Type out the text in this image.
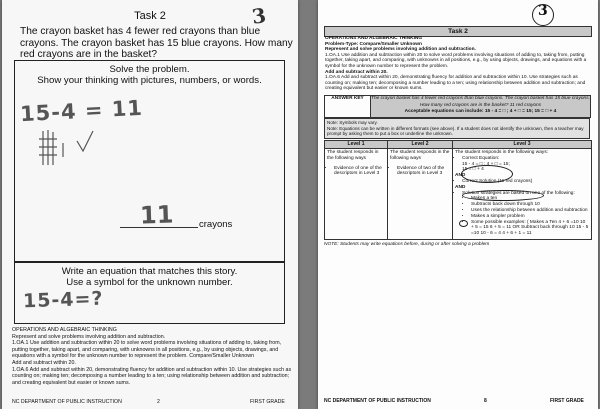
Task 2	3
The crayon basket has 4 fewer red crayons than blue crayons. The crayon basket has 15 blue crayons. How many red crayons are in the basket?
Solve the problem.
Show your thinking with pictures, numbers, or words.
15-4 = 11
11	crayons
Write an equation that matches this story.
Use a symbol for the unknown number.
15-4=?
OPERATIONS AND ALGEBRAIC THINKING
Represent and solve problems involving addition and subtraction.
1.OA.1 Use addition and subtraction within 20 to solve word problems involving situations of adding to, taking from, putting together, taking apart, and comparing, with unknowns in all positions, e.g., by using objects, drawings, and equations with a symbol for the unknown number to represent the problem. Compare/Smaller Unknown
Add and subtract within 20.
1.OA.6 Add and subtract within 20, demonstrating fluency for addition and subtraction within 10. Use strategies such as counting on; making ten; decomposing a number leading to a ten; using relationship between addition and subtraction; and creating equivalent but easier or known sums.
NC DEPARTMENT OF PUBLIC INSTRUCTION	2	FIRST GRADE
3
Task 2
OPERATIONS AND ALGEBRAIC THINKING
Problem-Type: Compare/Smaller Unknown
Represent and solve problems involving addition and subtraction.
1.OA.1 Use addition and subtraction within 20 to solve word problems involving situations of adding to, taking from, putting together, taking apart, and comparing, with unknowns in all positions, e.g., by using objects, drawings, and equations with a symbol for the unknown number to represent the problem.
Add and subtract within 20.
1.OA.6 Add and subtract within 20, demonstrating fluency for addition and subtraction within 10. Use strategies such as counting on; making ten; decomposing a number leading to a ten; using relationship between addition and subtraction; and creating equivalent but easier or known sums.
ANSWER KEY	The crayon basket has 4 fewer red crayons than blue crayons. The crayon basket has 15 blue crayons. How many red crayons are in the basket? 11 red crayons
Acceptable equations can include: 15 - 4 = □ ; 4 + □ = 15; 15 = □ + 4
Note: Symbols may vary.
Note: Equations can be written in different formats (see above). If a student does not identify the unknown, then a teacher may prompt by asking them to put a box or underline the unknown.
Level 1	Level 2	Level 3
The student responds in the following ways
• Evidence of one of the descriptors in Level 3
The student responds in the following ways
• Evidence of two of the descriptors in Level 3
The student responds in the following ways:
• Correct Equation:
15 - 4 = □ ; 4 + □ = 15;
15 = □ + 4
AND
• Correct Solution (11 red crayons)
AND
• Solution strategies are based on one of the following:
• Makes a ten
• Subtracts back down through 10
• Uses the relationship between addition and subtraction
• Makes a simpler problem
• Some possible examples: ( Makes a Ten 4 + 6 =10 10 + 5 = 15 6 + 5 = 11 OR Subtract back through 10 15 - 5 =10 10 - 6 = 4 4 + 6 + 1 = 11
NOTE: Students may write equations before, during or after solving a problem
NC DEPARTMENT OF PUBLIC INSTRUCTION	8	FIRST GRADE
